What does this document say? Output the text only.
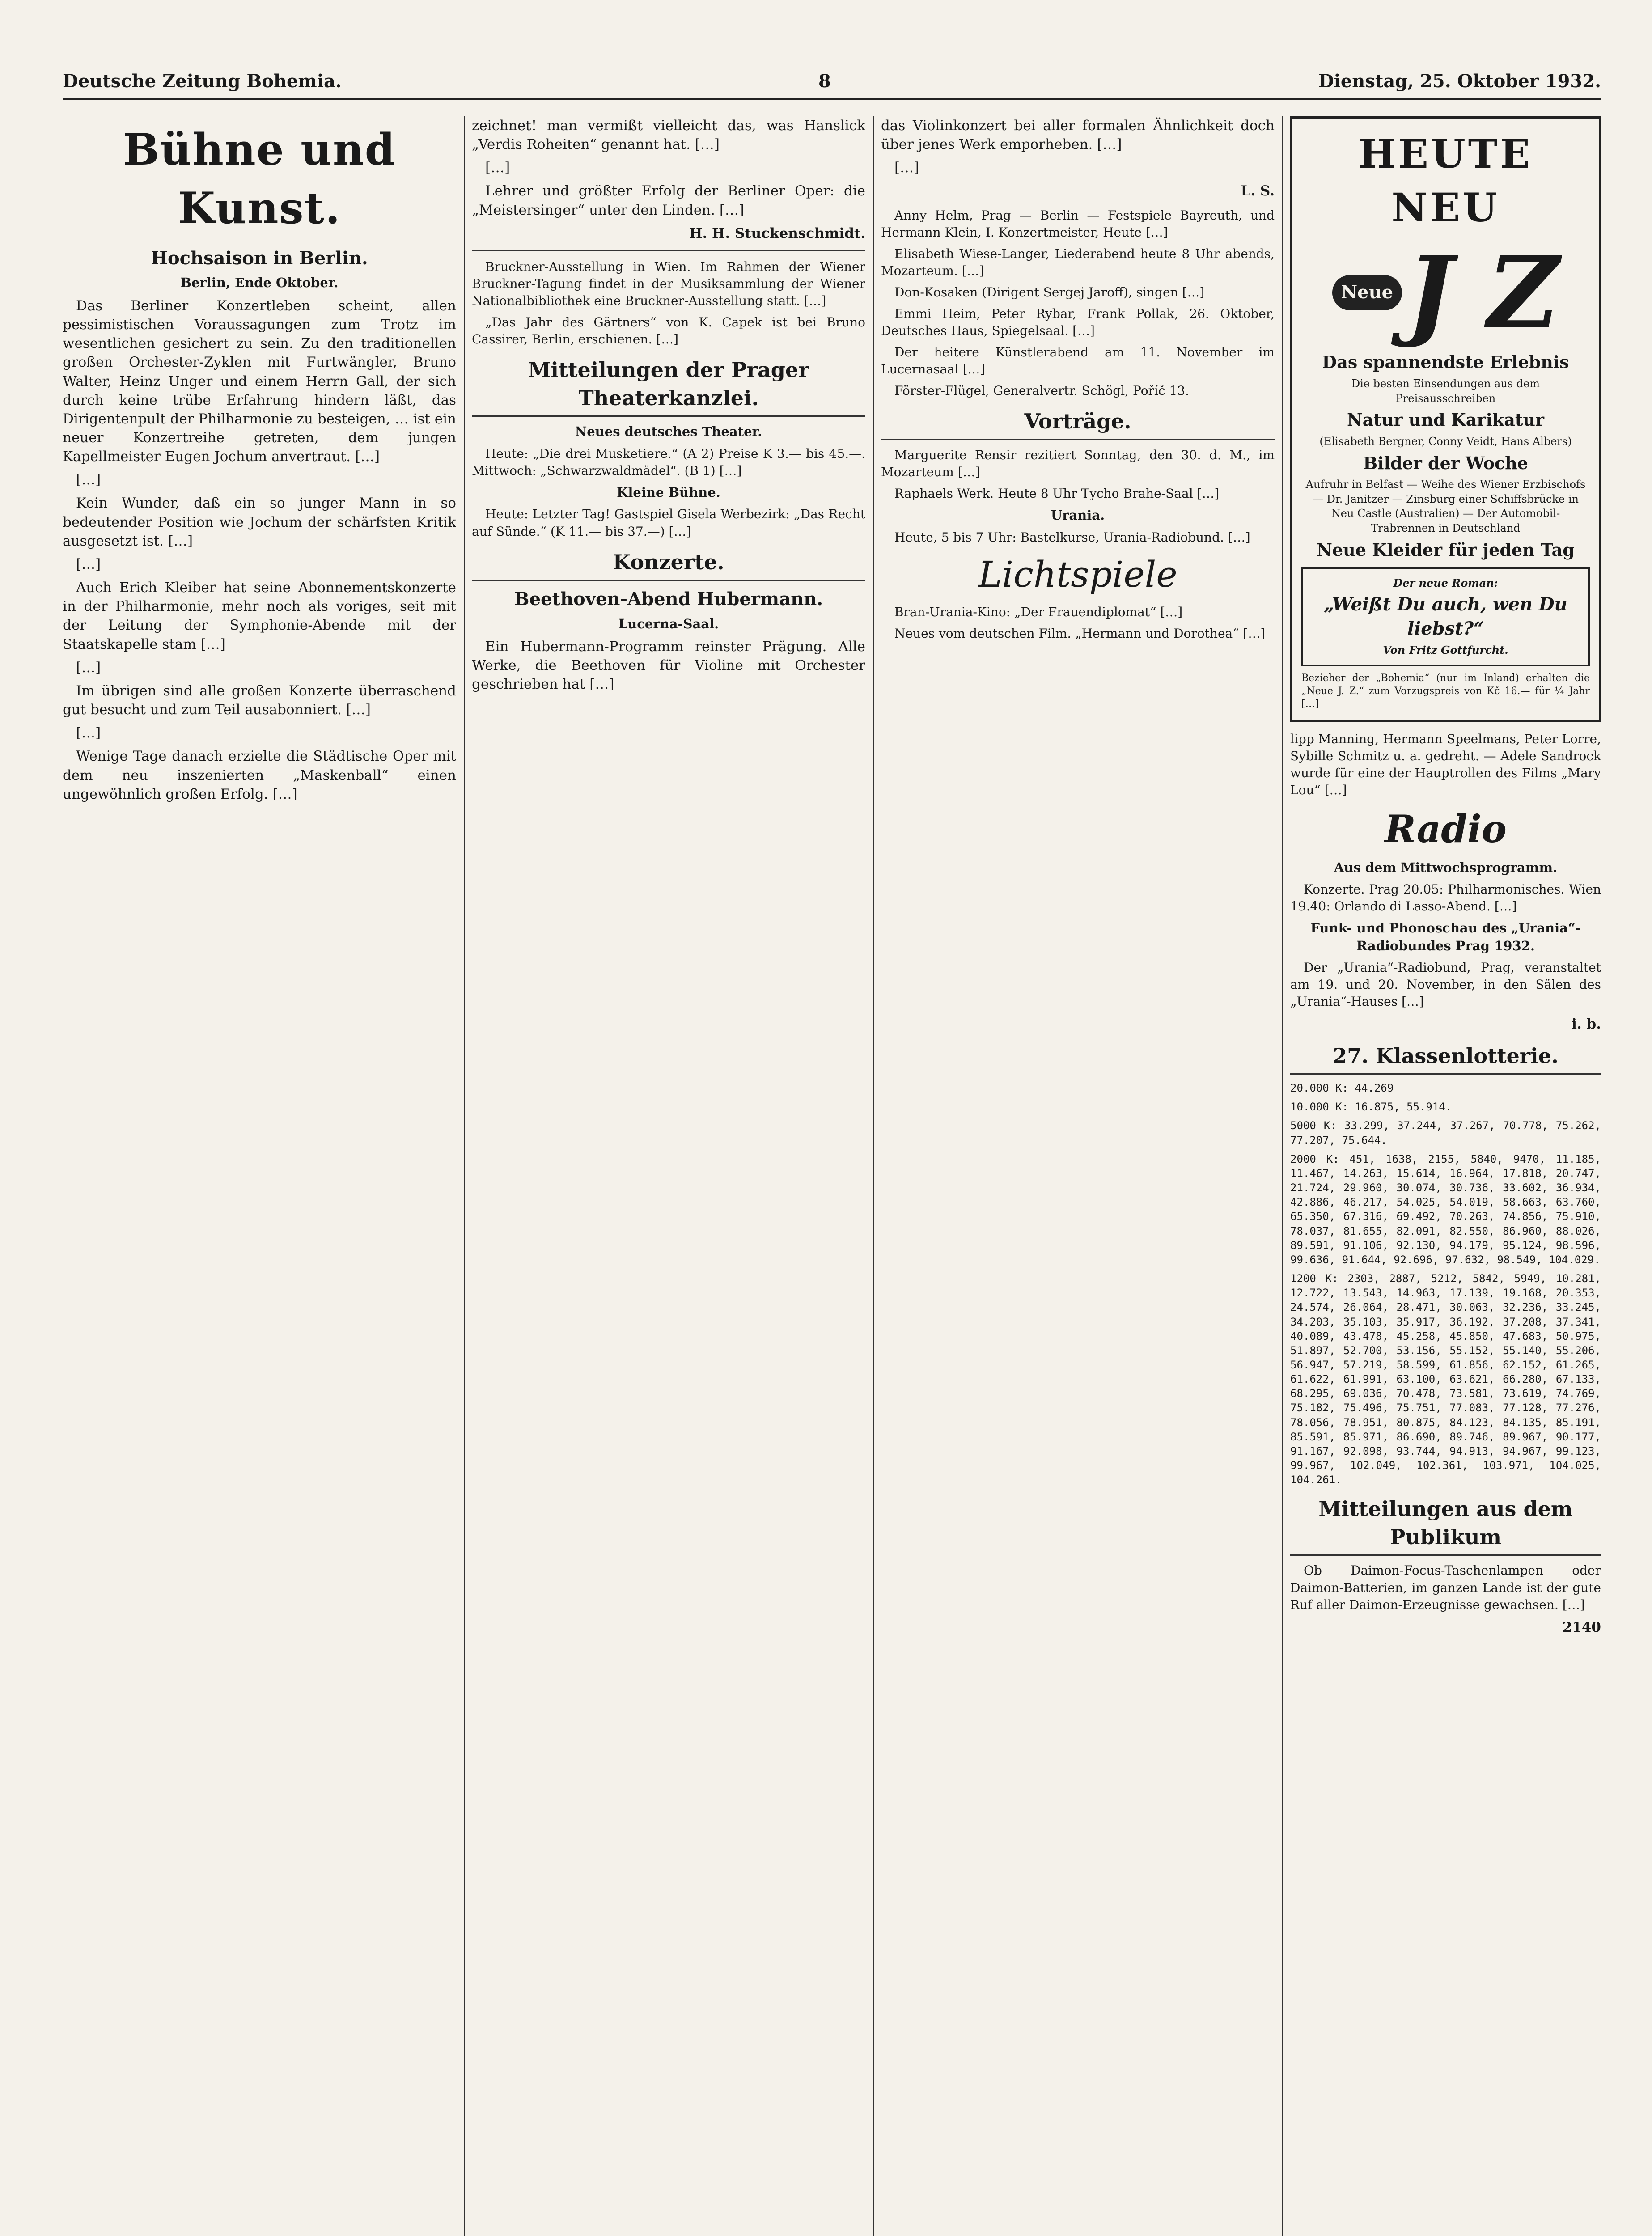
Deutsche Zeitung Bohemia.	8	Dienstag, 25. Oktober 1932.
Bühne und Kunst.
Hochsaison in Berlin.
Berlin, Ende Oktober.

Das Berliner Konzertleben scheint, allen pessimistischen Voraussagungen zum Trotz im wesentlichen gesichert zu sein. Zu den traditionellen großen Orchester-Zyklen mit Furtwängler, Bruno Walter, Heinz Unger und einem Herrn Gall, der sich durch keine trübe Erfahrung hindern läßt, das Dirigentenpult der Philharmonie zu besteigen, … ist ein neuer Konzertreihe getreten, dem jungen Kapellmeister Eugen Jochum anvertraut. […]

[…]

Kein Wunder, daß ein so junger Mann in so bedeutender Position wie Jochum der schärfsten Kritik ausgesetzt ist. […]

[…]

Auch Erich Kleiber hat seine Abonnementskonzerte in der Philharmonie, mehr noch als voriges, seit mit der Leitung der Symphonie-Abende mit der Staatskapelle stam […]

[…]

Im übrigen sind alle großen Konzerte überraschend gut besucht und zum Teil ausabonniert. […]

[…]

Wenige Tage danach erzielte die Städtische Oper mit dem neu inszenierten „Maskenball“ einen ungewöhnlich großen Erfolg. […]

zeichnet! man vermißt vielleicht das, was Hanslick „Verdis Roheiten“ genannt hat. […]

[…]

Lehrer und größter Erfolg der Berliner Oper: die „Meistersinger“ unter den Linden. […]

H. H. Stuckenschmidt.

Bruckner-Ausstellung in Wien. Im Rahmen der Wiener Bruckner-Tagung findet in der Musiksammlung der Wiener Nationalbibliothek eine Bruckner-Ausstellung statt. […]

„Das Jahr des Gärtners“ von K. Capek ist bei Bruno Cassirer, Berlin, erschienen. […]

Mitteilungen der Prager Theaterkanzlei.
Neues deutsches Theater.

Heute: „Die drei Musketiere.“ (A 2) Preise K 3.— bis 45.—. Mittwoch: „Schwarzwaldmädel“. (B 1) […]

Kleine Bühne.

Heute: Letzter Tag! Gastspiel Gisela Werbezirk: „Das Recht auf Sünde.“ (K 11.— bis 37.—) […]

Konzerte.
Beethoven-Abend Hubermann.
Lucerna-Saal.

Ein Hubermann-Programm reinster Prägung. Alle Werke, die Beethoven für Violine mit Orchester geschrieben hat […]

das Violinkonzert bei aller formalen Ähnlichkeit doch über jenes Werk emporheben. […]

[…]

L. S.

Anny Helm, Prag — Berlin — Festspiele Bayreuth, und Hermann Klein, I. Konzertmeister, Heute […]

Elisabeth Wiese-Langer, Liederabend heute 8 Uhr abends, Mozarteum. […]

Don-Kosaken (Dirigent Sergej Jaroff), singen […]

Emmi Heim, Peter Rybar, Frank Pollak, 26. Oktober, Deutsches Haus, Spiegelsaal. […]

Der heitere Künstlerabend am 11. November im Lucernasaal […]

Förster-Flügel, Generalvertr. Schögl, Poříč 13.

Vorträge.

Marguerite Rensir rezitiert Sonntag, den 30. d. M., im Mozarteum […]

Raphaels Werk. Heute 8 Uhr Tycho Brahe-Saal […]

Urania.

Heute, 5 bis 7 Uhr: Bastelkurse, Urania-Radiobund. […]

Lichtspiele

Bran-Urania-Kino: „Der Frauendiplomat“ […]

Neues vom deutschen Film. „Hermann und Dorothea“ […]

HEUTE NEU
Neue J Z
Das spannendste Erlebnis
Die besten Einsendungen aus dem Preisausschreiben
Natur und Karikatur
(Elisabeth Bergner, Conny Veidt, Hans Albers)
Bilder der Woche
Aufruhr in Belfast — Weihe des Wiener Erzbischofs — Dr. Janitzer — Zinsburg einer Schiffsbrücke in Neu Castle (Australien) — Der Automobil-Trabrennen in Deutschland
Neue Kleider für jeden Tag
Der neue Roman:
„Weißt Du auch, wen Du liebst?“
Von Fritz Gottfurcht.
Bezieher der „Bohemia“ (nur im Inland) erhalten die „Neue J. Z.“ zum Vorzugspreis von Kč 16.— für ¼ Jahr […]

lipp Manning, Hermann Speelmans, Peter Lorre, Sybille Schmitz u. a. gedreht. — Adele Sandrock wurde für eine der Hauptrollen des Films „Mary Lou“ […]

Radio
Aus dem Mittwochsprogramm.

Konzerte. Prag 20.05: Philharmonisches. Wien 19.40: Orlando di Lasso-Abend. […]

Funk- und Phonoschau des „Urania“-Radiobundes Prag 1932.

Der „Urania“-Radiobund, Prag, veranstaltet am 19. und 20. November, in den Sälen des „Urania“-Hauses […]

i. b.
27. Klassenlotterie.

20.000 K: 44.269

10.000 K: 16.875, 55.914.

5000 K: 33.299, 37.244, 37.267, 70.778, 75.262, 77.207, 75.644.

2000 K: 451, 1638, 2155, 5840, 9470, 11.185, 11.467, 14.263, 15.614, 16.964, 17.818, 20.747, 21.724, 29.960, 30.074, 30.736, 33.602, 36.934, 42.886, 46.217, 54.025, 54.019, 58.663, 63.760, 65.350, 67.316, 69.492, 70.263, 74.856, 75.910, 78.037, 81.655, 82.091, 82.550, 86.960, 88.026, 89.591, 91.106, 92.130, 94.179, 95.124, 98.596, 99.636, 91.644, 92.696, 97.632, 98.549, 104.029.

1200 K: 2303, 2887, 5212, 5842, 5949, 10.281, 12.722, 13.543, 14.963, 17.139, 19.168, 20.353, 24.574, 26.064, 28.471, 30.063, 32.236, 33.245, 34.203, 35.103, 35.917, 36.192, 37.208, 37.341, 40.089, 43.478, 45.258, 45.850, 47.683, 50.975, 51.897, 52.700, 53.156, 55.152, 55.140, 55.206, 56.947, 57.219, 58.599, 61.856, 62.152, 61.265, 61.622, 61.991, 63.100, 63.621, 66.280, 67.133, 68.295, 69.036, 70.478, 73.581, 73.619, 74.769, 75.182, 75.496, 75.751, 77.083, 77.128, 77.276, 78.056, 78.951, 80.875, 84.123, 84.135, 85.191, 85.591, 85.971, 86.690, 89.746, 89.967, 90.177, 91.167, 92.098, 93.744, 94.913, 94.967, 99.123, 99.967, 102.049, 102.361, 103.971, 104.025, 104.261.

Mitteilungen aus dem Publikum

Ob Daimon-Focus-Taschenlampen oder Daimon-Batterien, im ganzen Lande ist der gute Ruf aller Daimon-Erzeugnisse gewachsen. […]

2140
